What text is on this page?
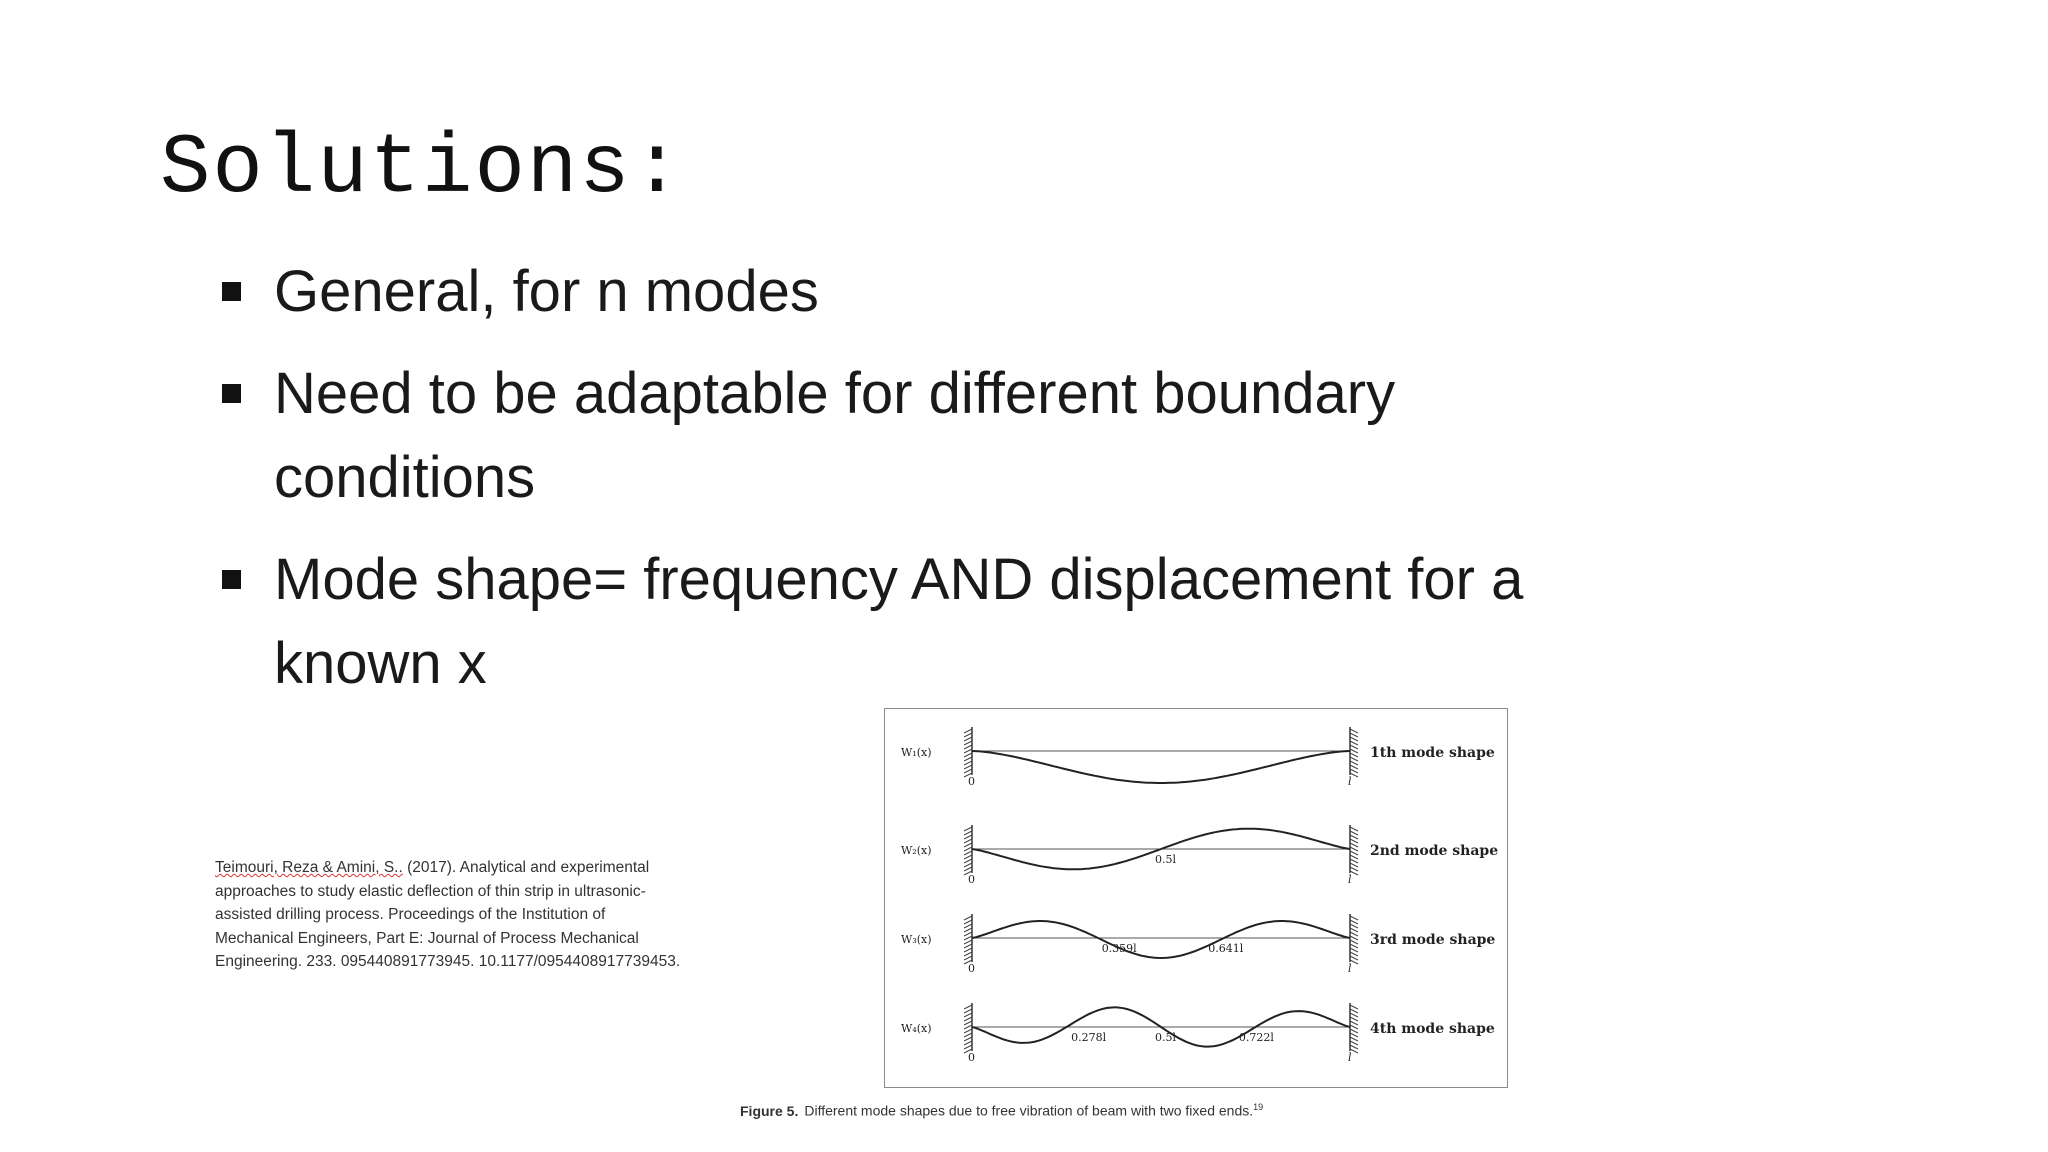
Solutions:
General, for n modes
Need to be adaptable for different boundary conditions
Mode shape= frequency AND displacement for a known x
Teimouri, Reza & Amini, S.. (2017). Analytical and experimental approaches to study elastic deflection of thin strip in ultrasonic-assisted drilling process. Proceedings of the Institution of Mechanical Engineers, Part E: Journal of Process Mechanical Engineering. 233. 095440891773945. 10.1177/0954408917739453.
W₁(x)
0	l
1th mode shape
W₂(x)
0	l
2nd mode shape
0.5l
W₃(x)
0	l
3rd mode shape
0.359l	0.641l
W₄(x)
0	l
4th mode shape
0.278l	0.5l	0.722l
Figure 5. Different mode shapes due to free vibration of beam with two fixed ends.$^{19}$
